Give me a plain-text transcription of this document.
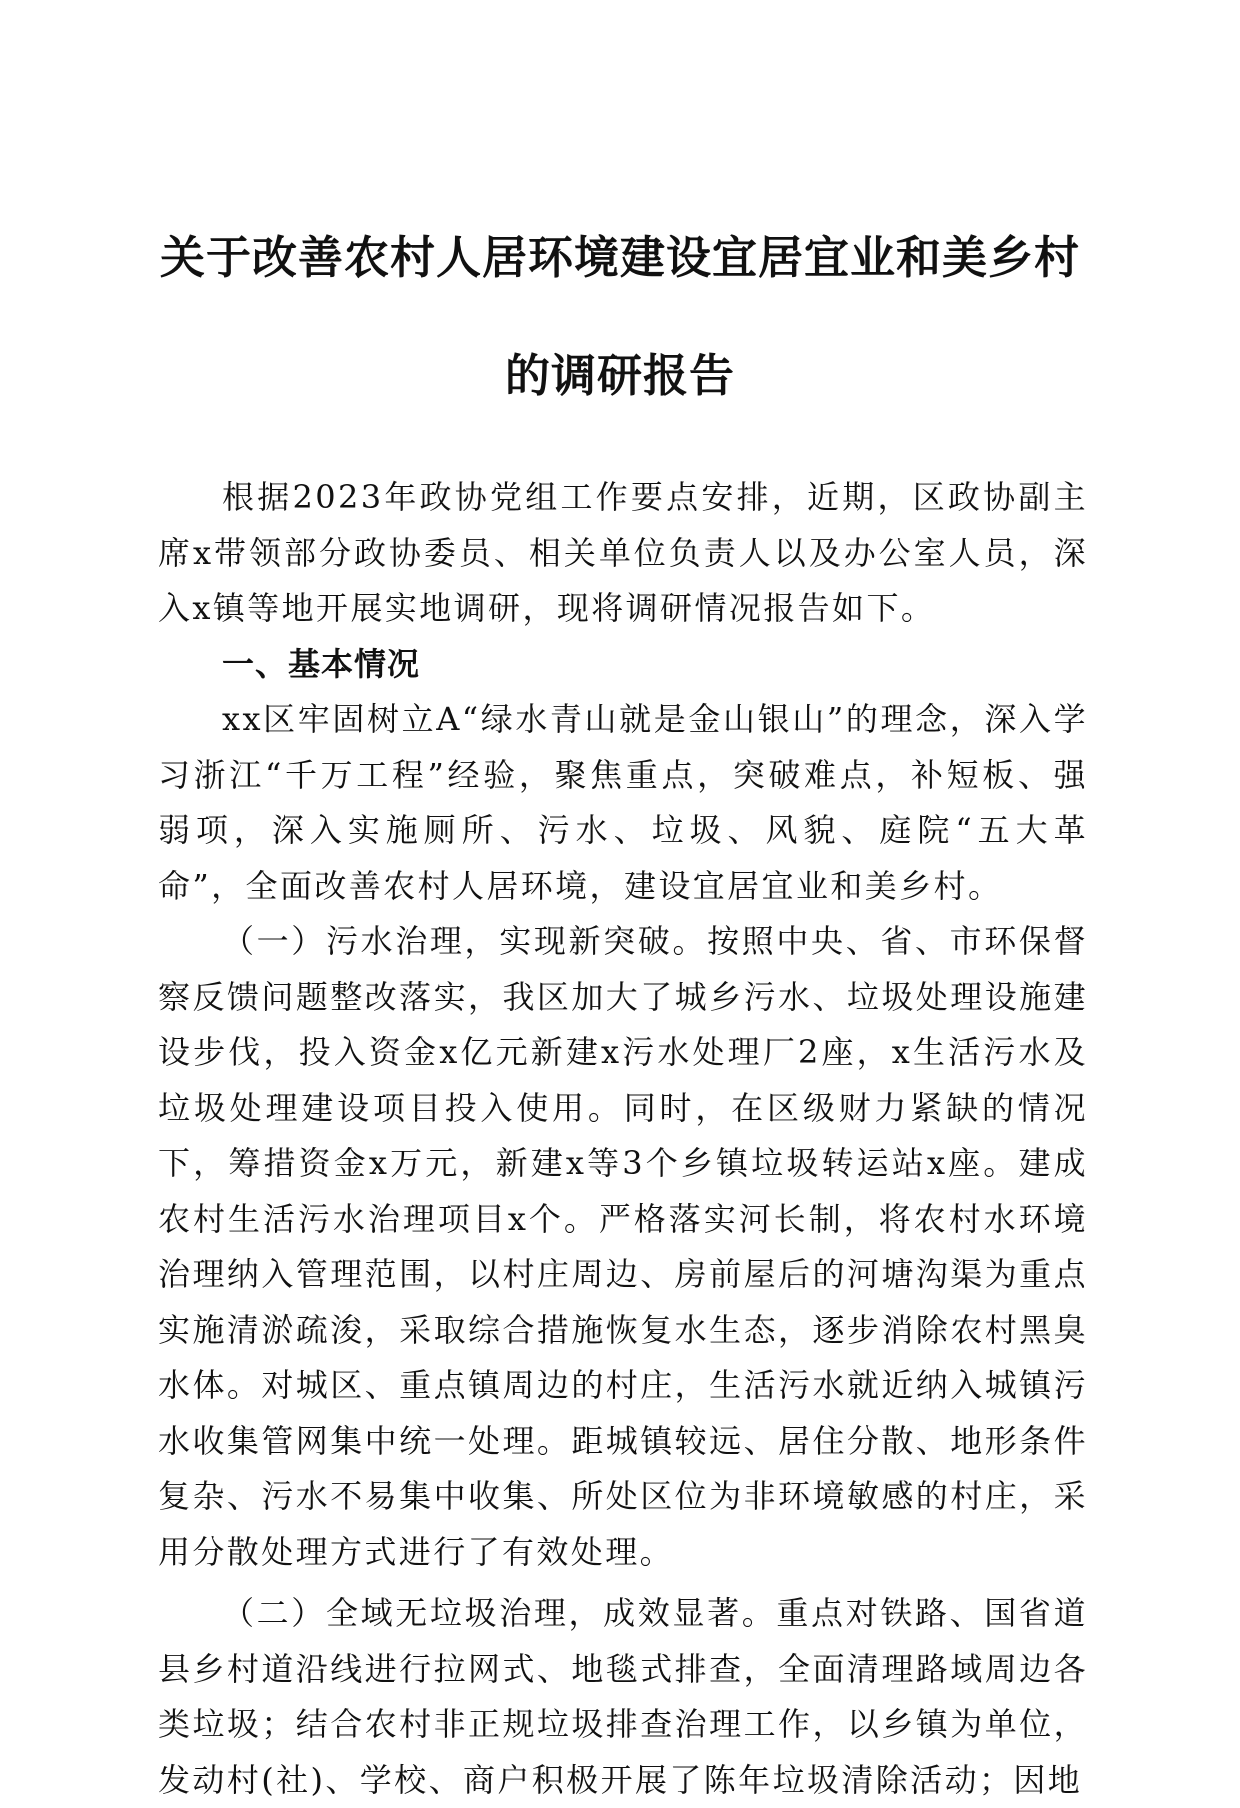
关于改善农村人居环境建设宜居宜业和美乡村
的调研报告

根据2023年政协党组工作要点安排，近期，区政协副主席x带领部分政协委员、相关单位负责人以及办公室人员，深入x镇等地开展实地调研，现将调研情况报告如下。

一、基本情况

xx区牢固树立A“绿水青山就是金山银山”的理念，深入学习浙江“千万工程”经验，聚焦重点，突破难点，补短板、强弱项，深入实施厕所、污水、垃圾、风貌、庭院“五大革命”，全面改善农村人居环境，建设宜居宜业和美乡村。

（一）污水治理，实现新突破。按照中央、省、市环保督察反馈问题整改落实，我区加大了城乡污水、垃圾处理设施建设步伐，投入资金x亿元新建x污水处理厂2座，x生活污水及垃圾处理建设项目投入使用。同时，在区级财力紧缺的情况下，筹措资金x万元，新建x等3个乡镇垃圾转运站x座。建成农村生活污水治理项目x个。严格落实河长制，将农村水环境治理纳入管理范围，以村庄周边、房前屋后的河塘沟渠为重点实施清淤疏浚，采取综合措施恢复水生态，逐步消除农村黑臭水体。对城区、重点镇周边的村庄，生活污水就近纳入城镇污水收集管网集中统一处理。距城镇较远、居住分散、地形条件复杂、污水不易集中收集、所处区位为非环境敏感的村庄，采用分散处理方式进行了有效处理。

（二）全域无垃圾治理，成效显著。重点对铁路、国省道县乡村道沿线进行拉网式、地毯式排查，全面清理路域周边各类垃圾；结合农村非正规垃圾排查治理工作，以乡镇为单位，发动村(社)、学校、商户积极开展了陈年垃圾清除活动；因地
